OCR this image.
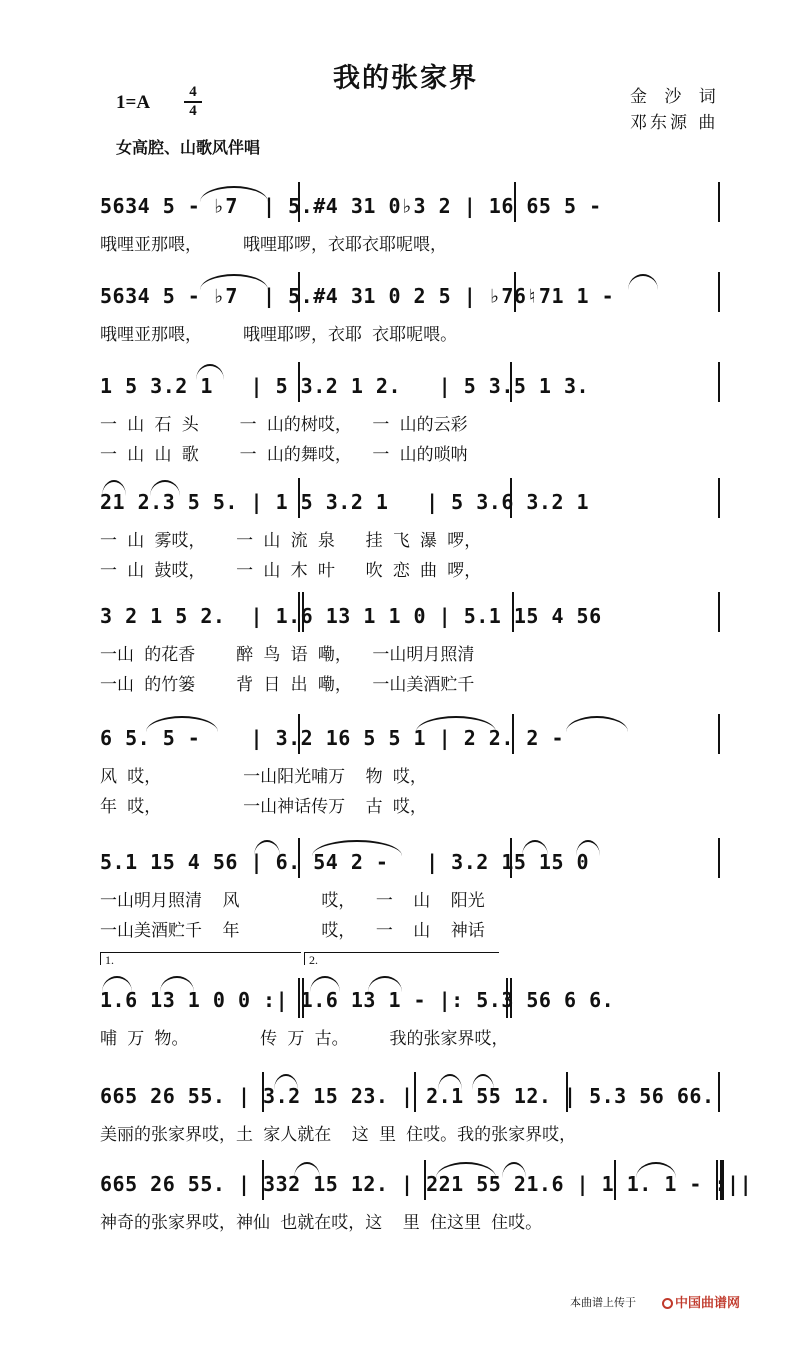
我的张家界
1=A	4
4
金 沙 词
邓东源 曲
女高腔、山歌风伴唱
5634 5 - ♭7  | 5.#4 31 0♭3 2 | 16 65 5 -
哦哩亚那喂，    哦哩耶啰，衣耶衣耶呢喂，
5634 5 - ♭7  | 5.#4 31 0 2 5 | ♭76♮71 1 -
哦哩亚那喂，    哦哩耶啰，衣耶 衣耶呢喂。
1 5 3.2 1   | 5 3.2 1 2.   | 5 3.5 1 3.
一 山 石 头    一 山的树哎，  一 山的云彩
一 山 山 歌    一 山的舞哎，  一 山的唢呐
21 2.3 5 5. | 1 5 3.2 1   | 5 3.6 3.2 1
一 山 雾哎，   一 山 流 泉   挂 飞 瀑 啰，
一 山 鼓哎，   一 山 木 叶   吹 恋 曲 啰，
3 2 1 5 2.  | 1.6 13 1 1 0 | 5.1 15 4 56
一山 的花香    醉 鸟 语 嘞，  一山明月照清
一山 的竹篓    背 日 出 嘞，  一山美酒贮千
6 5. 5 -    | 3.2 16 5 5 1 | 2 2. 2 -
风 哎，        一山阳光哺万  物 哎，
年 哎，        一山神话传万  古 哎，
5.1 15 4 56 | 6. 54 2 -   | 3.2 15 15 0
一山明月照清  风        哎，  一  山  阳光
一山美酒贮千  年        哎，  一  山  神话
1.	2.
1.6 13 1 0 0 :| 1.6 13 1 - |: 5.3 56 6 6.
哺 万 物。       传 万 古。    我的张家界哎，
665 26 55. | 3.2 15 23. | 2.1 55 12. | 5.3 56 66.
美丽的张家界哎，土 家人就在  这 里 住哎。我的张家界哎，
665 26 55. | 332 15 12. | 221 55 21.6 | 1 1. 1 - :||
神奇的张家界哎，神仙 也就在哎，这  里 住这里 住哎。
本曲谱上传于	中国曲谱网
